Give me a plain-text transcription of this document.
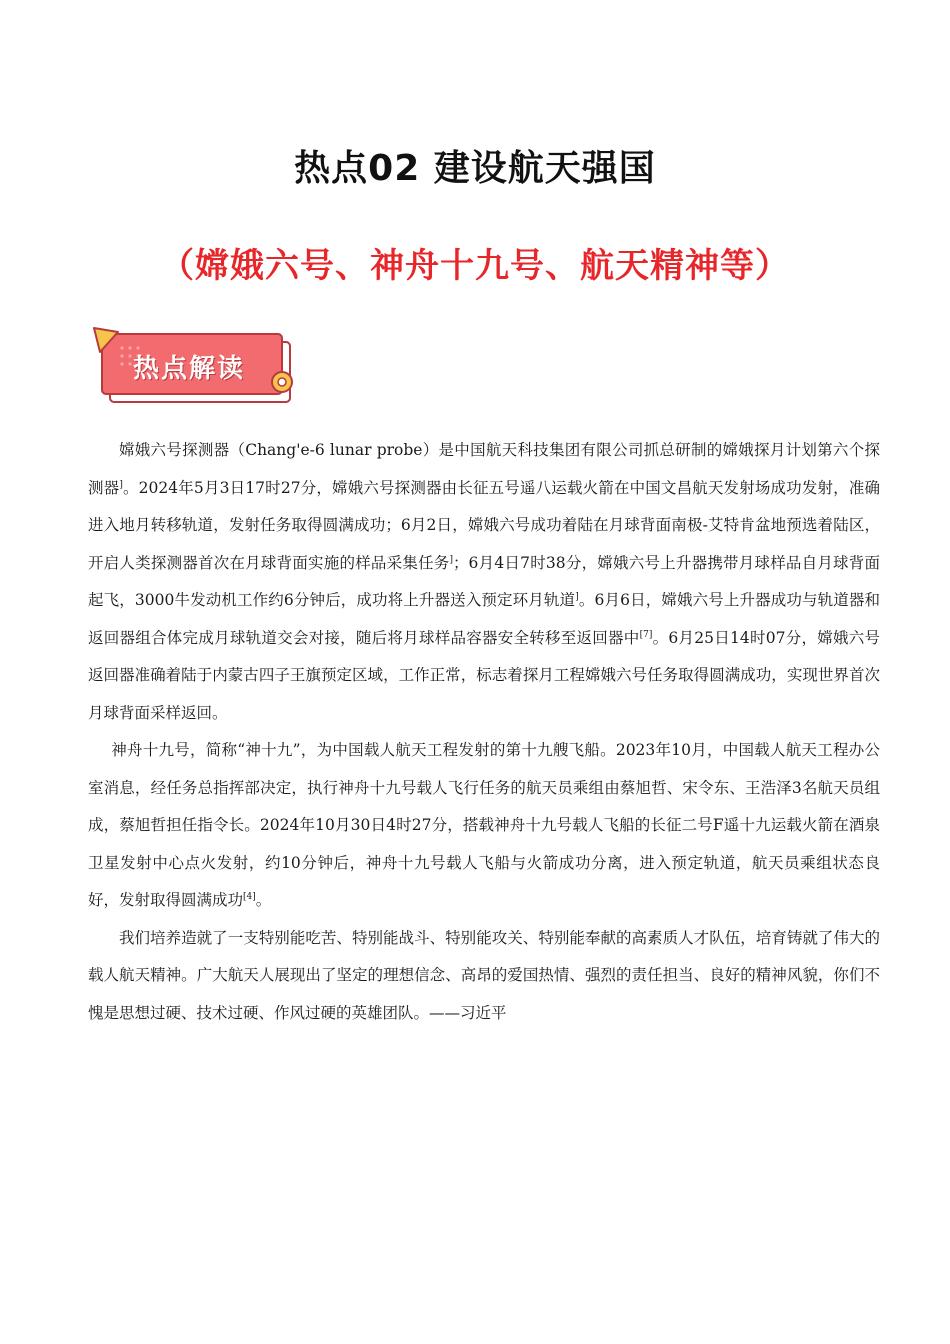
热点02 建设航天强国
（嫦娥六号、神舟十九号、航天精神等）
热点解读

嫦娥六号探测器（Chang'e-6 lunar probe）是中国航天科技集团有限公司抓总研制的嫦娥探月计划第六个探测器]。2024年5月3日17时27分，嫦娥六号探测器由长征五号遥八运载火箭在中国文昌航天发射场成功发射，准确进入地月转移轨道，发射任务取得圆满成功；6月2日，嫦娥六号成功着陆在月球背面南极-艾特肯盆地预选着陆区，开启人类探测器首次在月球背面实施的样品采集任务]；6月4日7时38分，嫦娥六号上升器携带月球样品自月球背面起飞，3000牛发动机工作约6分钟后，成功将上升器送入预定环月轨道]。6月6日，嫦娥六号上升器成功与轨道器和返回器组合体完成月球轨道交会对接，随后将月球样品容器安全转移至返回器中[7]。6月25日14时07分，嫦娥六号返回器准确着陆于内蒙古四子王旗预定区域，工作正常，标志着探月工程嫦娥六号任务取得圆满成功，实现世界首次月球背面采样返回。

神舟十九号，简称“神十九”，为中国载人航天工程发射的第十九艘飞船。2023年10月，中国载人航天工程办公室消息，经任务总指挥部决定，执行神舟十九号载人飞行任务的航天员乘组由蔡旭哲、宋令东、王浩泽3名航天员组成，蔡旭哲担任指令长。2024年10月30日4时27分，搭载神舟十九号载人飞船的长征二号F遥十九运载火箭在酒泉卫星发射中心点火发射，约10分钟后，神舟十九号载人飞船与火箭成功分离，进入预定轨道，航天员乘组状态良好，发射取得圆满成功[4]。

我们培养造就了一支特别能吃苦、特别能战斗、特别能攻关、特别能奉献的高素质人才队伍，培育铸就了伟大的载人航天精神。广大航天人展现出了坚定的理想信念、高昂的爱国热情、强烈的责任担当、良好的精神风貌，你们不愧是思想过硬、技术过硬、作风过硬的英雄团队。——习近平
